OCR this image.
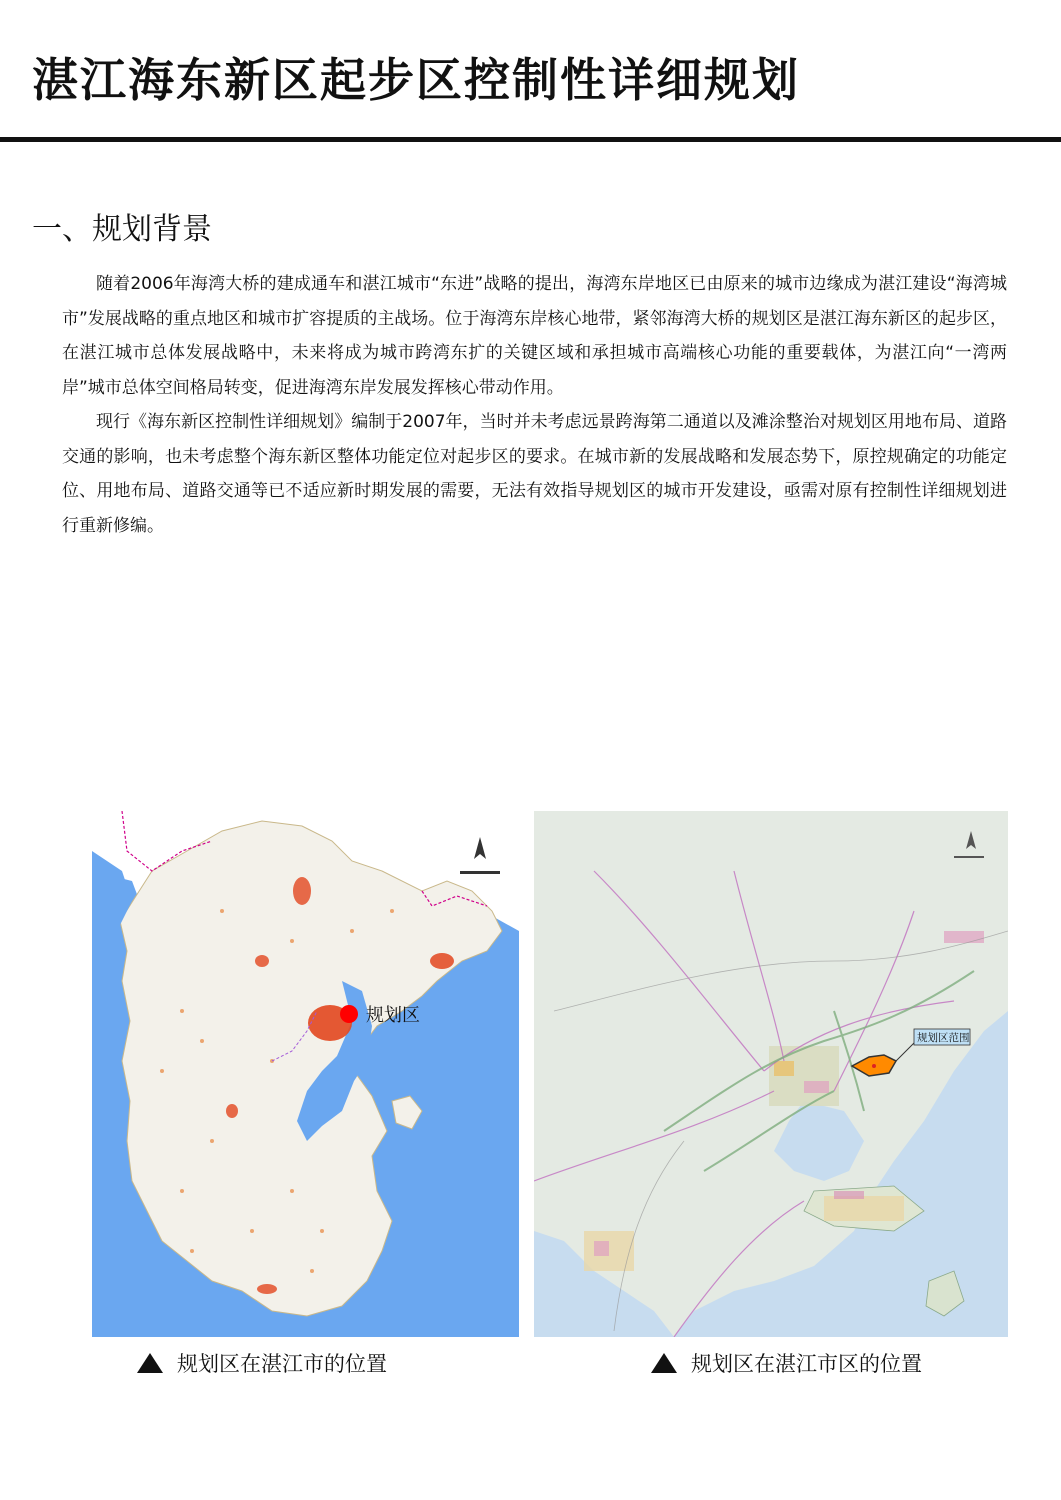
湛江海东新区起步区控制性详细规划
一、规划背景

随着2006年海湾大桥的建成通车和湛江城市“东进”战略的提出，海湾东岸地区已由原来的城市边缘成为湛江建设“海湾城市”发展战略的重点地区和城市扩容提质的主战场。位于海湾东岸核心地带，紧邻海湾大桥的规划区是湛江海东新区的起步区，在湛江城市总体发展战略中，未来将成为城市跨湾东扩的关键区域和承担城市高端核心功能的重要载体，为湛江向“一湾两岸”城市总体空间格局转变，促进海湾东岸发展发挥核心带动作用。

现行《海东新区控制性详细规划》编制于2007年，当时并未考虑远景跨海第二通道以及滩涂整治对规划区用地布局、道路交通的影响，也未考虑整个海东新区整体功能定位对起步区的要求。在城市新的发展战略和发展态势下，原控规确定的功能定位、用地布局、道路交通等已不适应新时期发展的需要，无法有效指导规划区的城市开发建设，亟需对原有控制性详细规划进行重新修编。

规划区
规划区范围
规划区在湛江市的位置	规划区在湛江市区的位置
